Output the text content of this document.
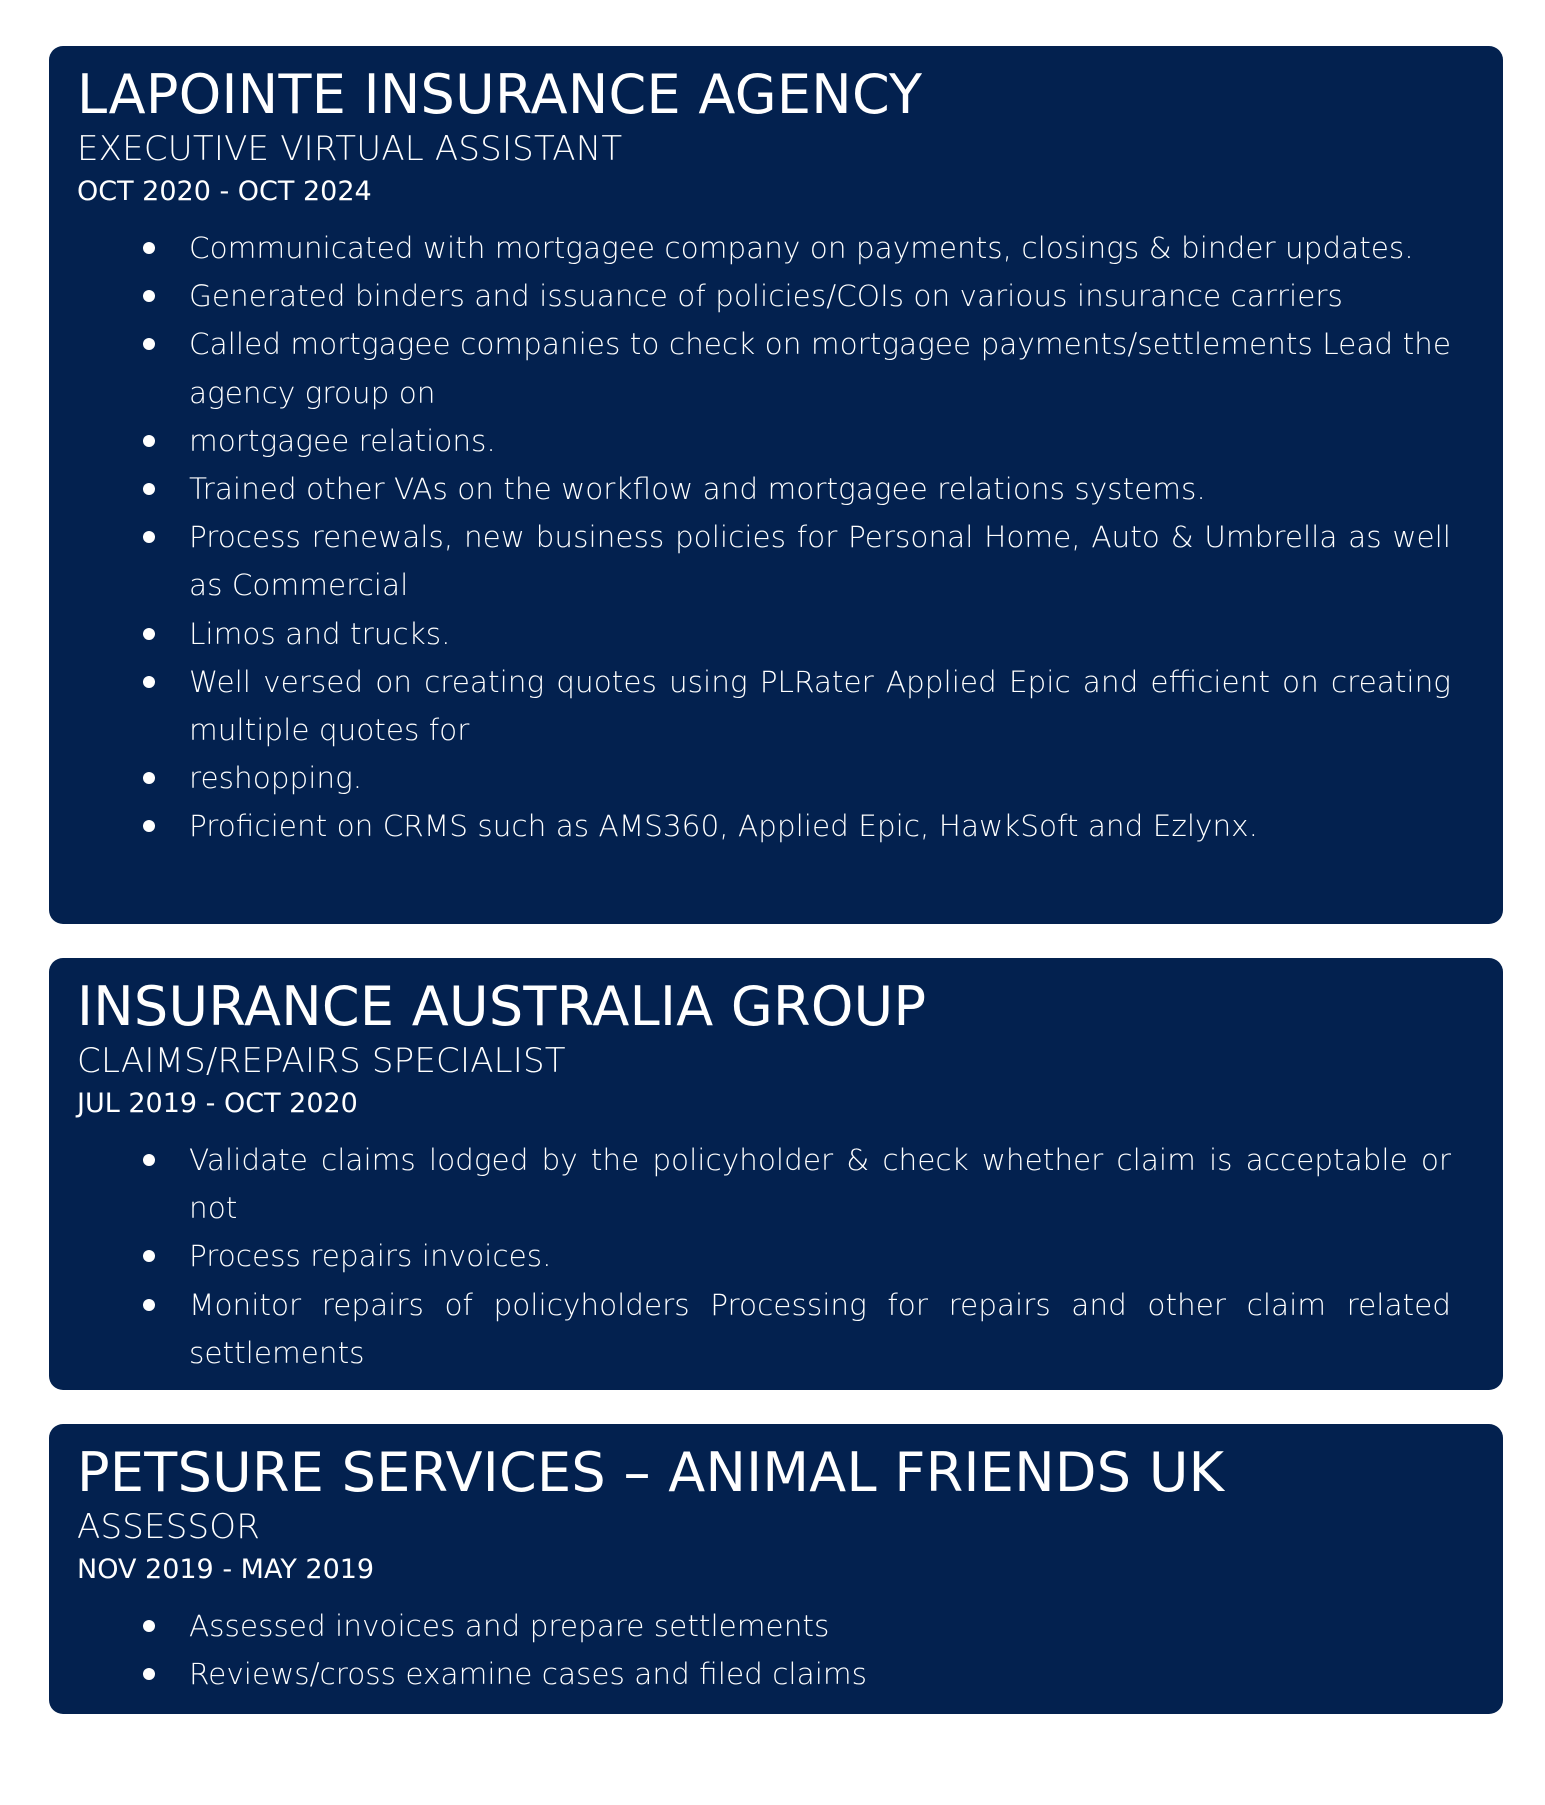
LAPOINTE INSURANCE AGENCY
EXECUTIVE VIRTUAL ASSISTANT
OCT 2020 - OCT 2024
Communicated with mortgagee company on payments, closings & binder updates.
Generated binders and issuance of policies/COIs on various insurance carriers
Called mortgagee companies to check on mortgagee payments/settlements Lead the agency group on
mortgagee relations.
Trained other VAs on the workflow and mortgagee relations systems.
Process renewals, new business policies for Personal Home, Auto & Umbrella as well as Commercial
Limos and trucks.
Well versed on creating quotes using PLRater Applied Epic and efficient on creating multiple quotes for
reshopping.
Proficient on CRMS such as AMS360, Applied Epic, HawkSoft and Ezlynx.
INSURANCE AUSTRALIA GROUP
CLAIMS/REPAIRS SPECIALIST
JUL 2019 - OCT 2020
Validate claims lodged by the policyholder & check whether claim is acceptable or not
Process repairs invoices.
Monitor repairs of policyholders Processing for repairs and other claim related settlements
PETSURE SERVICES – ANIMAL FRIENDS UK
ASSESSOR
NOV 2019 - MAY 2019
Assessed invoices and prepare settlements
Reviews/cross examine cases and filed claims
